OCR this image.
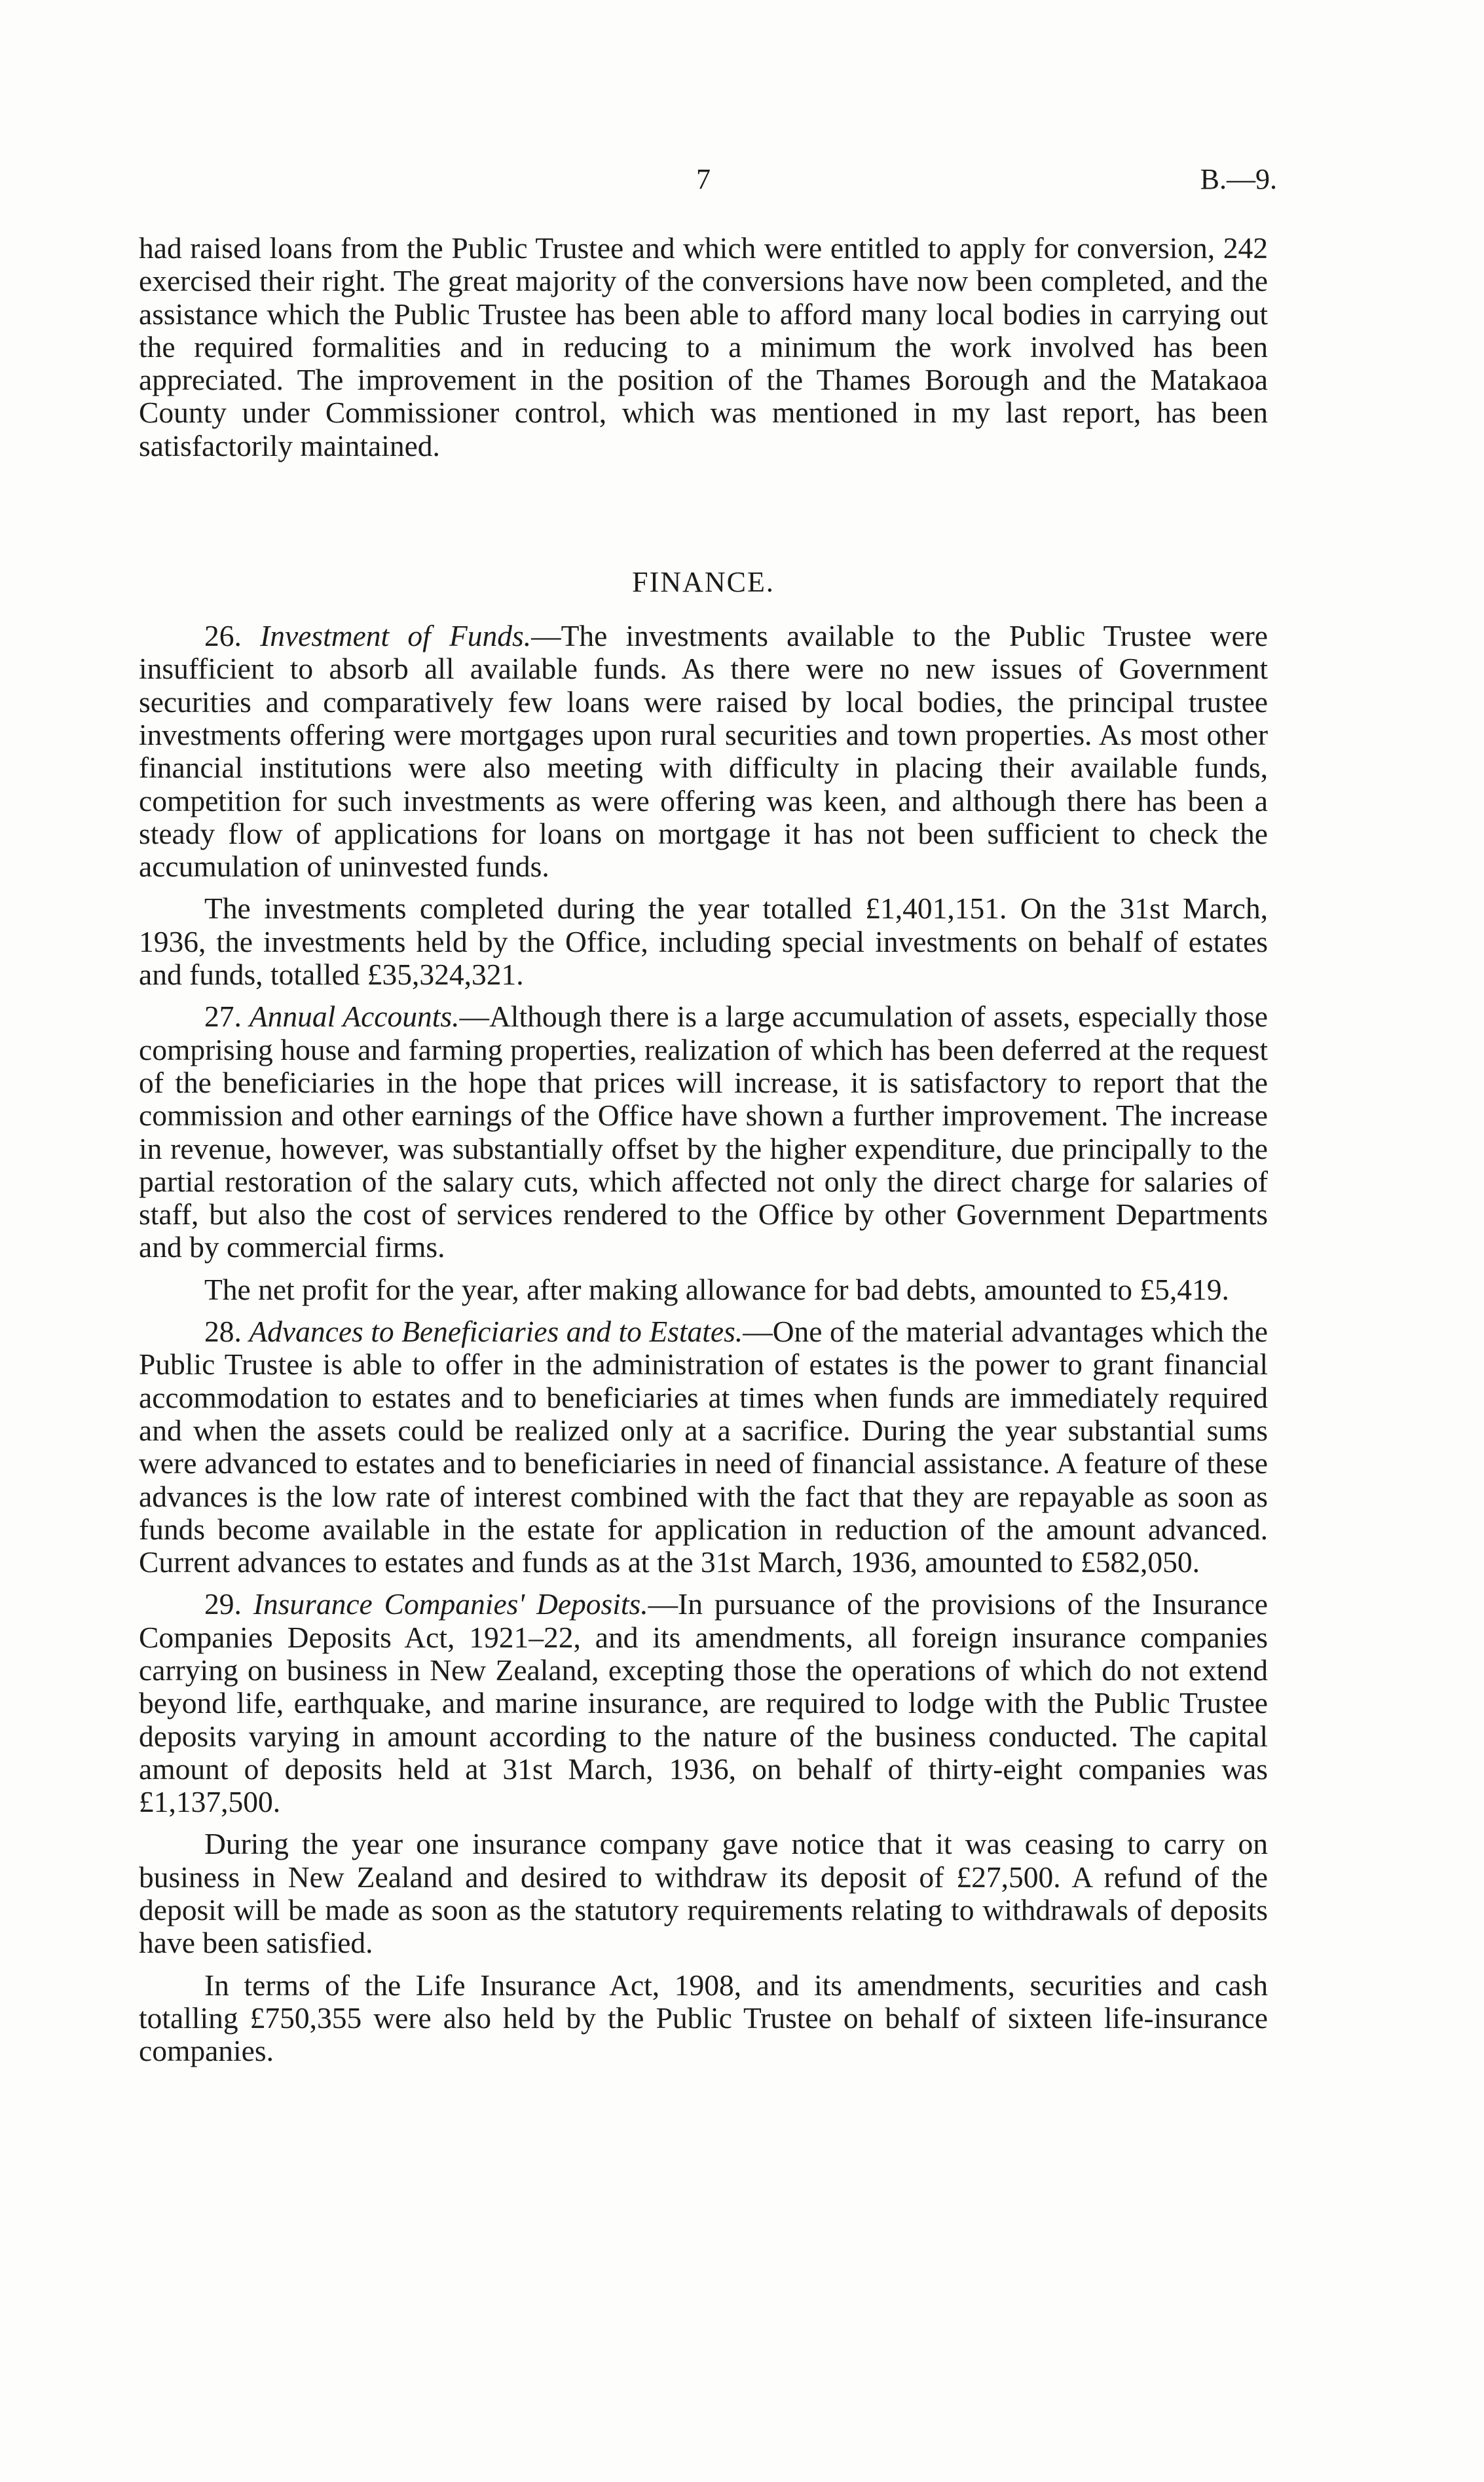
7	B.—9.

had raised loans from the Public Trustee and which were entitled to apply for conversion, 242 exercised their right. The great majority of the conversions have now been completed, and the assistance which the Public Trustee has been able to afford many local bodies in carrying out the required formalities and in reducing to a minimum the work involved has been appreciated. The improvement in the position of the Thames Borough and the Matakaoa County under Commissioner control, which was mentioned in my last report, has been satisfactorily maintained.

FINANCE.

26. Investment of Funds.—The investments available to the Public Trustee were insufficient to absorb all available funds. As there were no new issues of Government securities and comparatively few loans were raised by local bodies, the principal trustee investments offering were mortgages upon rural securities and town properties. As most other financial institutions were also meeting with difficulty in placing their available funds, competition for such investments as were offering was keen, and although there has been a steady flow of applications for loans on mortgage it has not been sufficient to check the accumulation of uninvested funds.

The investments completed during the year totalled £1,401,151. On the 31st March, 1936, the investments held by the Office, including special investments on behalf of estates and funds, totalled £35,324,321.

27. Annual Accounts.—Although there is a large accumulation of assets, especially those comprising house and farming properties, realization of which has been deferred at the request of the beneficiaries in the hope that prices will increase, it is satisfactory to report that the commission and other earnings of the Office have shown a further improvement. The increase in revenue, however, was substantially offset by the higher expenditure, due principally to the partial restoration of the salary cuts, which affected not only the direct charge for salaries of staff, but also the cost of services rendered to the Office by other Government Departments and by commercial firms.

The net profit for the year, after making allowance for bad debts, amounted to £5,419.

28. Advances to Beneficiaries and to Estates.—One of the material advantages which the Public Trustee is able to offer in the administration of estates is the power to grant financial accommodation to estates and to beneficiaries at times when funds are immediately required and when the assets could be realized only at a sacrifice. During the year substantial sums were advanced to estates and to beneficiaries in need of financial assistance. A feature of these advances is the low rate of interest combined with the fact that they are repayable as soon as funds become available in the estate for application in reduction of the amount advanced. Current advances to estates and funds as at the 31st March, 1936, amounted to £582,050.

29. Insurance Companies' Deposits.—In pursuance of the provisions of the Insurance Companies Deposits Act, 1921–22, and its amendments, all foreign insurance companies carrying on business in New Zealand, excepting those the operations of which do not extend beyond life, earthquake, and marine insurance, are required to lodge with the Public Trustee deposits varying in amount according to the nature of the business conducted. The capital amount of deposits held at 31st March, 1936, on behalf of thirty-eight companies was £1,137,500.

During the year one insurance company gave notice that it was ceasing to carry on business in New Zealand and desired to withdraw its deposit of £27,500. A refund of the deposit will be made as soon as the statutory requirements relating to withdrawals of deposits have been satisfied.

In terms of the Life Insurance Act, 1908, and its amendments, securities and cash totalling £750,355 were also held by the Public Trustee on behalf of sixteen life-insurance companies.
